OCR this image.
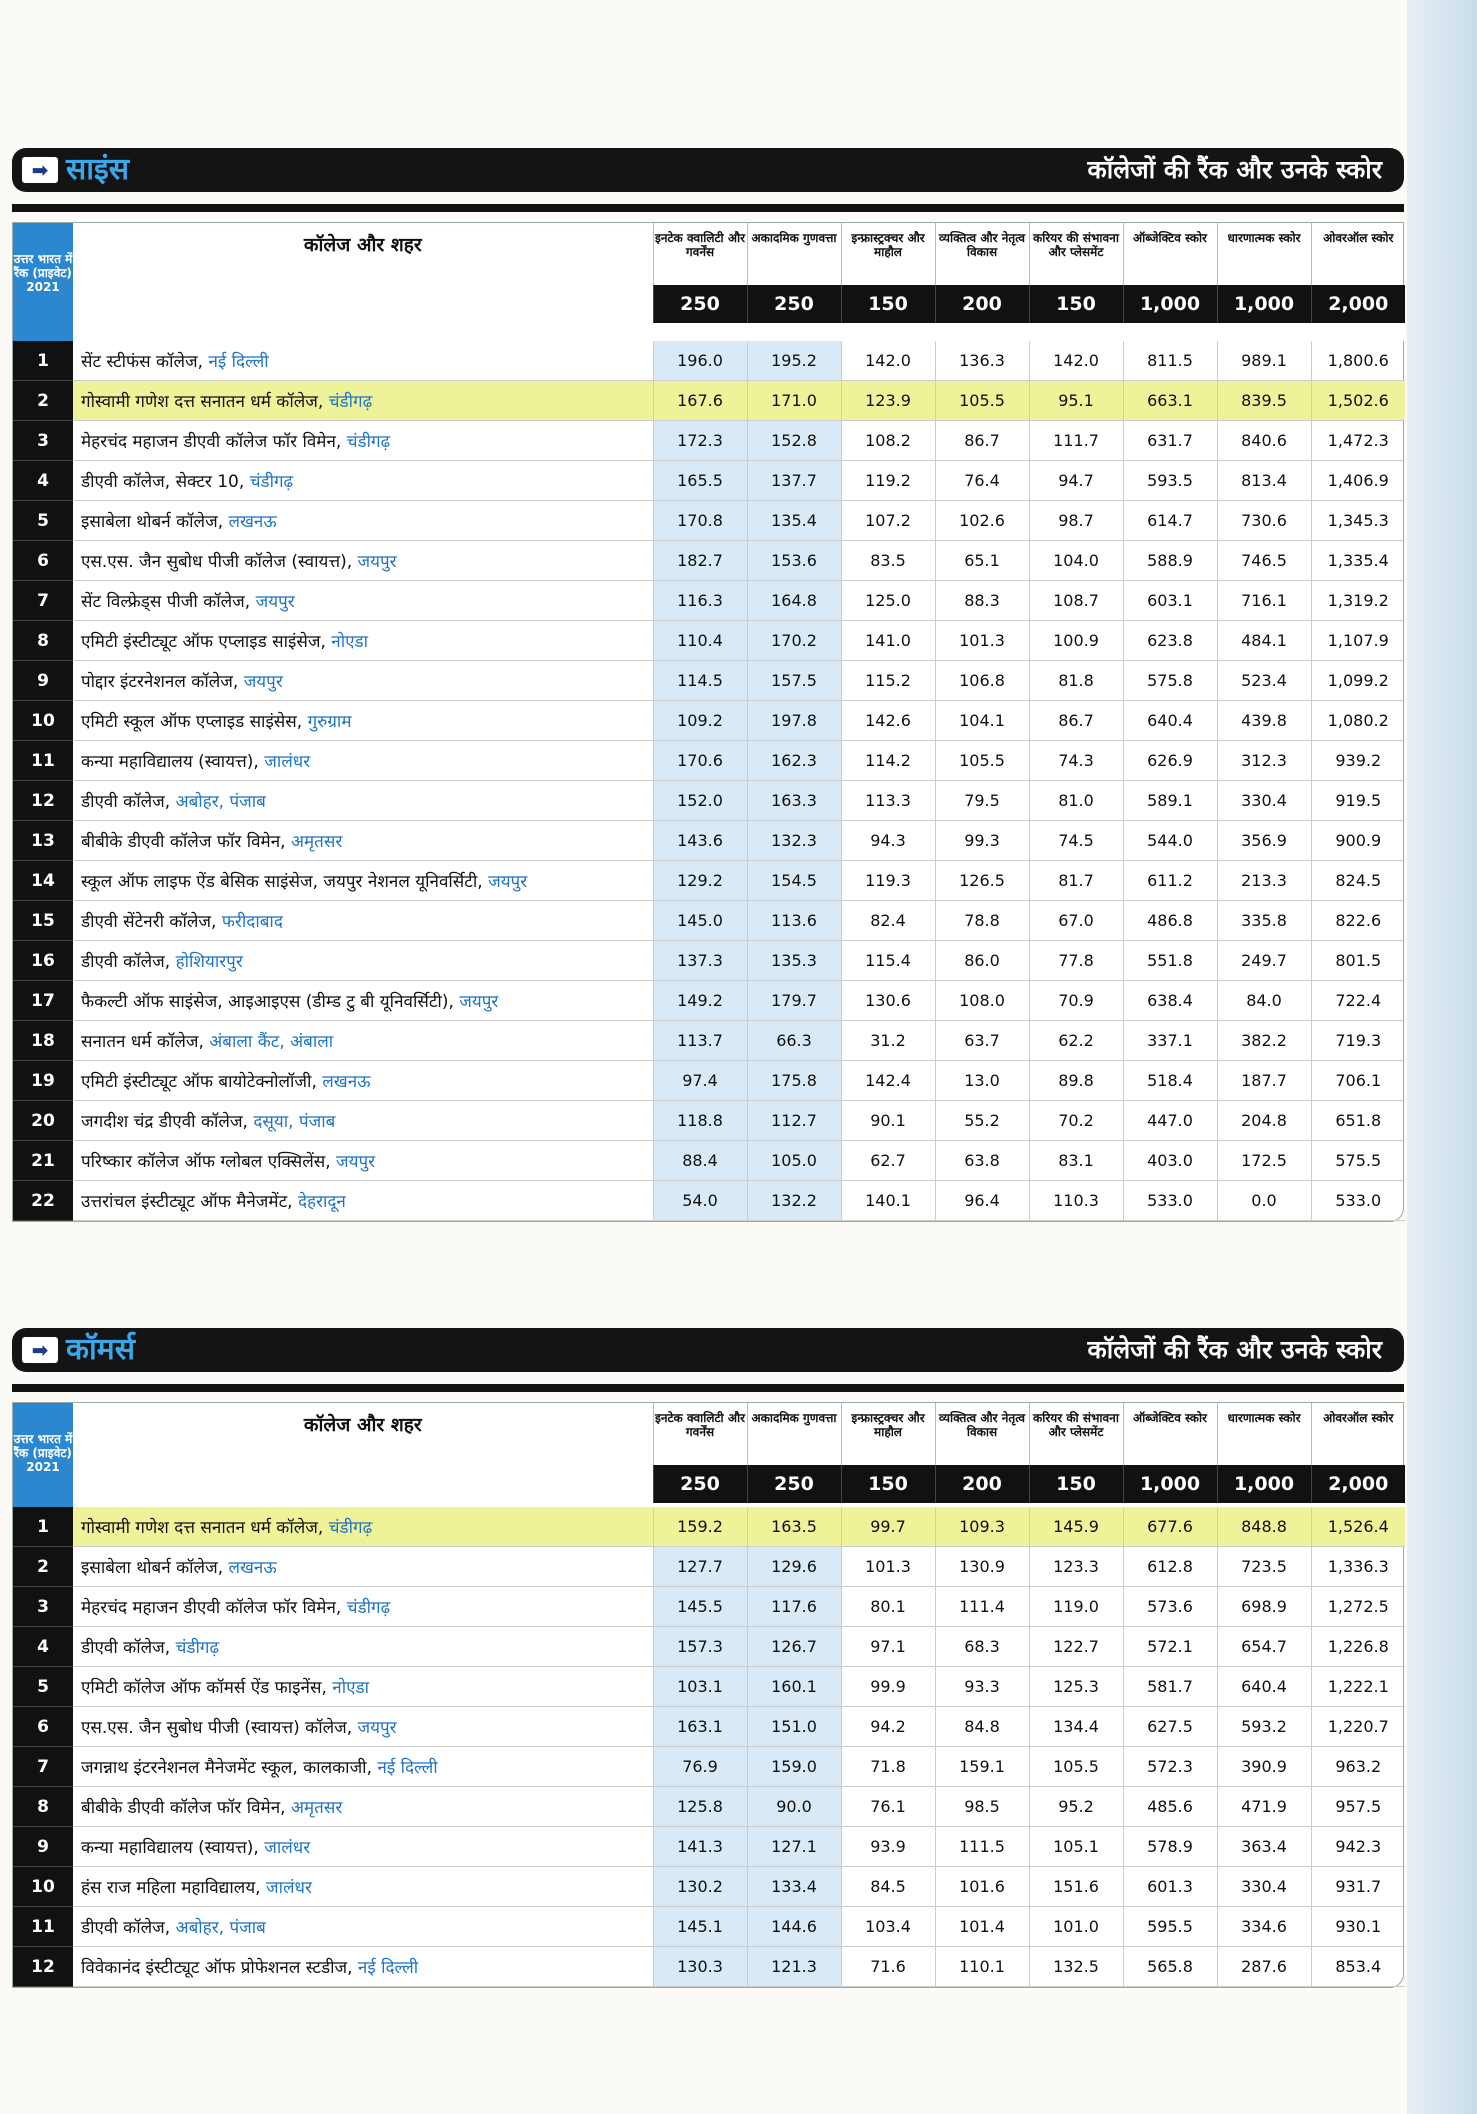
➡ साइंस	कॉलेजों की रैंक और उनके स्कोर
उत्तर भारत में रैंक (प्राइवेट) 2021	कॉलेज और शहर	इनटेक क्वालिटी और गवर्नेंस	अकादमिक गुणवत्ता	इन्फ्रास्ट्रक्चर और माहौल	व्यक्तित्व और नेतृत्व विकास	करियर की संभावना और प्लेसमेंट	ऑब्जेक्टिव स्कोर	धारणात्मक स्कोर	ओवरऑल स्कोर
		250	250	150	200	150	1,000	1,000	2,000

1	सेंट स्टीफंस कॉलेज, नई दिल्ली	196.0	195.2	142.0	136.3	142.0	811.5	989.1	1,800.6
2	गोस्वामी गणेश दत्त सनातन धर्म कॉलेज, चंडीगढ़	167.6	171.0	123.9	105.5	95.1	663.1	839.5	1,502.6
3	मेहरचंद महाजन डीएवी कॉलेज फॉर विमेन, चंडीगढ़	172.3	152.8	108.2	86.7	111.7	631.7	840.6	1,472.3
4	डीएवी कॉलेज, सेक्टर 10, चंडीगढ़	165.5	137.7	119.2	76.4	94.7	593.5	813.4	1,406.9
5	इसाबेला थोबर्न कॉलेज, लखनऊ	170.8	135.4	107.2	102.6	98.7	614.7	730.6	1,345.3
6	एस.एस. जैन सुबोध पीजी कॉलेज (स्वायत्त), जयपुर	182.7	153.6	83.5	65.1	104.0	588.9	746.5	1,335.4
7	सेंट विल्फ्रेड्स पीजी कॉलेज, जयपुर	116.3	164.8	125.0	88.3	108.7	603.1	716.1	1,319.2
8	एमिटी इंस्टीट्यूट ऑफ एप्लाइड साइंसेज, नोएडा	110.4	170.2	141.0	101.3	100.9	623.8	484.1	1,107.9
9	पोद्दार इंटरनेशनल कॉलेज, जयपुर	114.5	157.5	115.2	106.8	81.8	575.8	523.4	1,099.2
10	एमिटी स्कूल ऑफ एप्लाइड साइंसेस, गुरुग्राम	109.2	197.8	142.6	104.1	86.7	640.4	439.8	1,080.2
11	कन्या महाविद्यालय (स्वायत्त), जालंधर	170.6	162.3	114.2	105.5	74.3	626.9	312.3	939.2
12	डीएवी कॉलेज, अबोहर, पंजाब	152.0	163.3	113.3	79.5	81.0	589.1	330.4	919.5
13	बीबीके डीएवी कॉलेज फॉर विमेन, अमृतसर	143.6	132.3	94.3	99.3	74.5	544.0	356.9	900.9
14	स्कूल ऑफ लाइफ ऐंड बेसिक साइंसेज, जयपुर नेशनल यूनिवर्सिटी, जयपुर	129.2	154.5	119.3	126.5	81.7	611.2	213.3	824.5
15	डीएवी सेंटेनरी कॉलेज, फरीदाबाद	145.0	113.6	82.4	78.8	67.0	486.8	335.8	822.6
16	डीएवी कॉलेज, होशियारपुर	137.3	135.3	115.4	86.0	77.8	551.8	249.7	801.5
17	फैकल्टी ऑफ साइंसेज, आइआइएस (डीम्ड टु बी यूनिवर्सिटी), जयपुर	149.2	179.7	130.6	108.0	70.9	638.4	84.0	722.4
18	सनातन धर्म कॉलेज, अंबाला कैंट, अंबाला	113.7	66.3	31.2	63.7	62.2	337.1	382.2	719.3
19	एमिटी इंस्टीट्यूट ऑफ बायोटेक्नोलॉजी, लखनऊ	97.4	175.8	142.4	13.0	89.8	518.4	187.7	706.1
20	जगदीश चंद्र डीएवी कॉलेज, दसूया, पंजाब	118.8	112.7	90.1	55.2	70.2	447.0	204.8	651.8
21	परिष्कार कॉलेज ऑफ ग्लोबल एक्सिलेंस, जयपुर	88.4	105.0	62.7	63.8	83.1	403.0	172.5	575.5
22	उत्तरांचल इंस्टीट्यूट ऑफ मैनेजमेंट, देहरादून	54.0	132.2	140.1	96.4	110.3	533.0	0.0	533.0
➡ कॉमर्स	कॉलेजों की रैंक और उनके स्कोर
उत्तर भारत में रैंक (प्राइवेट) 2021	कॉलेज और शहर	इनटेक क्वालिटी और गवर्नेंस	अकादमिक गुणवत्ता	इन्फ्रास्ट्रक्चर और माहौल	व्यक्तित्व और नेतृत्व विकास	करियर की संभावना और प्लेसमेंट	ऑब्जेक्टिव स्कोर	धारणात्मक स्कोर	ओवरऑल स्कोर
		250	250	150	200	150	1,000	1,000	2,000

1	गोस्वामी गणेश दत्त सनातन धर्म कॉलेज, चंडीगढ़	159.2	163.5	99.7	109.3	145.9	677.6	848.8	1,526.4
2	इसाबेला थोबर्न कॉलेज, लखनऊ	127.7	129.6	101.3	130.9	123.3	612.8	723.5	1,336.3
3	मेहरचंद महाजन डीएवी कॉलेज फॉर विमेन, चंडीगढ़	145.5	117.6	80.1	111.4	119.0	573.6	698.9	1,272.5
4	डीएवी कॉलेज, चंडीगढ़	157.3	126.7	97.1	68.3	122.7	572.1	654.7	1,226.8
5	एमिटी कॉलेज ऑफ कॉमर्स ऐंड फाइनेंस, नोएडा	103.1	160.1	99.9	93.3	125.3	581.7	640.4	1,222.1
6	एस.एस. जैन सुबोध पीजी (स्वायत्त) कॉलेज, जयपुर	163.1	151.0	94.2	84.8	134.4	627.5	593.2	1,220.7
7	जगन्नाथ इंटरनेशनल मैनेजमेंट स्कूल, कालकाजी, नई दिल्ली	76.9	159.0	71.8	159.1	105.5	572.3	390.9	963.2
8	बीबीके डीएवी कॉलेज फॉर विमेन, अमृतसर	125.8	90.0	76.1	98.5	95.2	485.6	471.9	957.5
9	कन्या महाविद्यालय (स्वायत्त), जालंधर	141.3	127.1	93.9	111.5	105.1	578.9	363.4	942.3
10	हंस राज महिला महाविद्यालय, जालंधर	130.2	133.4	84.5	101.6	151.6	601.3	330.4	931.7
11	डीएवी कॉलेज, अबोहर, पंजाब	145.1	144.6	103.4	101.4	101.0	595.5	334.6	930.1
12	विवेकानंद इंस्टीट्यूट ऑफ प्रोफेशनल स्टडीज, नई दिल्ली	130.3	121.3	71.6	110.1	132.5	565.8	287.6	853.4
